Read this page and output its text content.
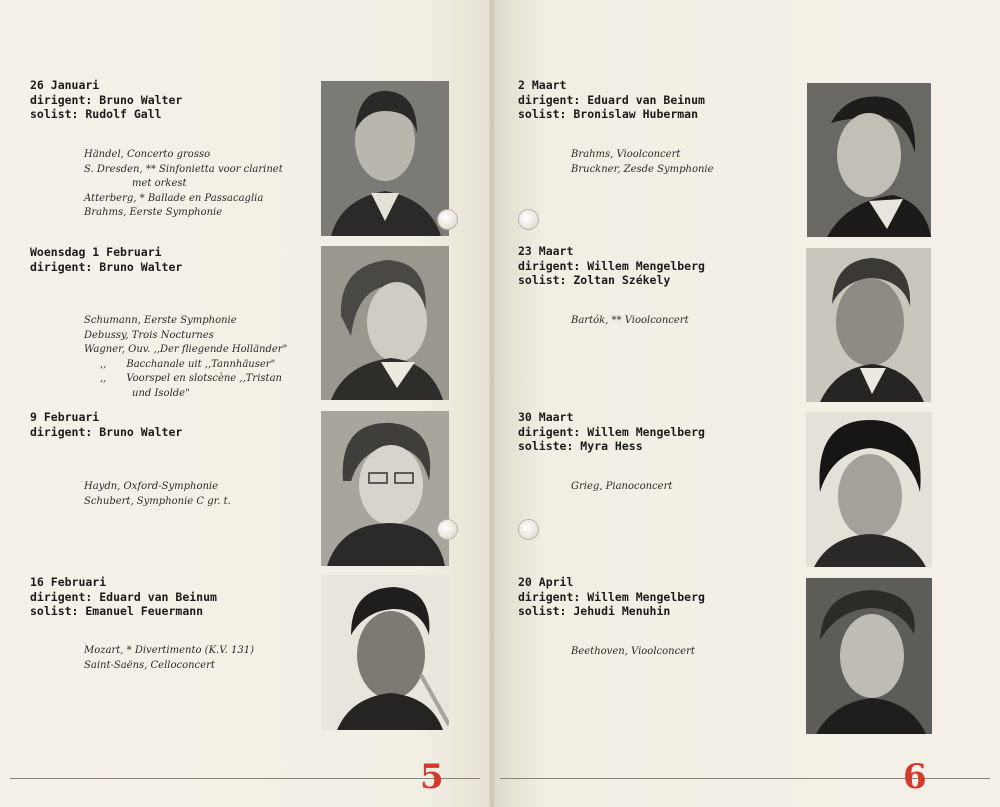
26 Januari
dirigent: Bruno Walter
solist: Rudolf Gall
Händel, Concerto grosso
S. Dresden, ** Sinfonietta voor clarinet
met orkest
Atterberg, * Ballade en Passacaglia
Brahms, Eerste Symphonie
Woensdag 1 Februari
dirigent: Bruno Walter
Schumann, Eerste Symphonie
Debussy, Trois Nocturnes
Wagner, Ouv. ,,Der fliegende Holländer"
,, Bacchanale uit ,,Tannhäuser"
,, Voorspel en slotscène ,,Tristan
und Isolde"
9 Februari
dirigent: Bruno Walter
Haydn, Oxford-Symphonie
Schubert, Symphonie C gr. t.
16 Februari
dirigent: Eduard van Beinum
solist: Emanuel Feuermann
Mozart, * Divertimento (K.V. 131)
Saint-Saëns, Celloconcert
5
2 Maart
dirigent: Eduard van Beinum
solist: Bronislaw Huberman
Brahms, Vioolconcert
Bruckner, Zesde Symphonie
23 Maart
dirigent: Willem Mengelberg
solist: Zoltan Székely
Bartók, ** Vioolconcert
30 Maart
dirigent: Willem Mengelberg
soliste: Myra Hess
Grieg, Pianoconcert
20 April
dirigent: Willem Mengelberg
solist: Jehudi Menuhin
Beethoven, Vioolconcert
6
